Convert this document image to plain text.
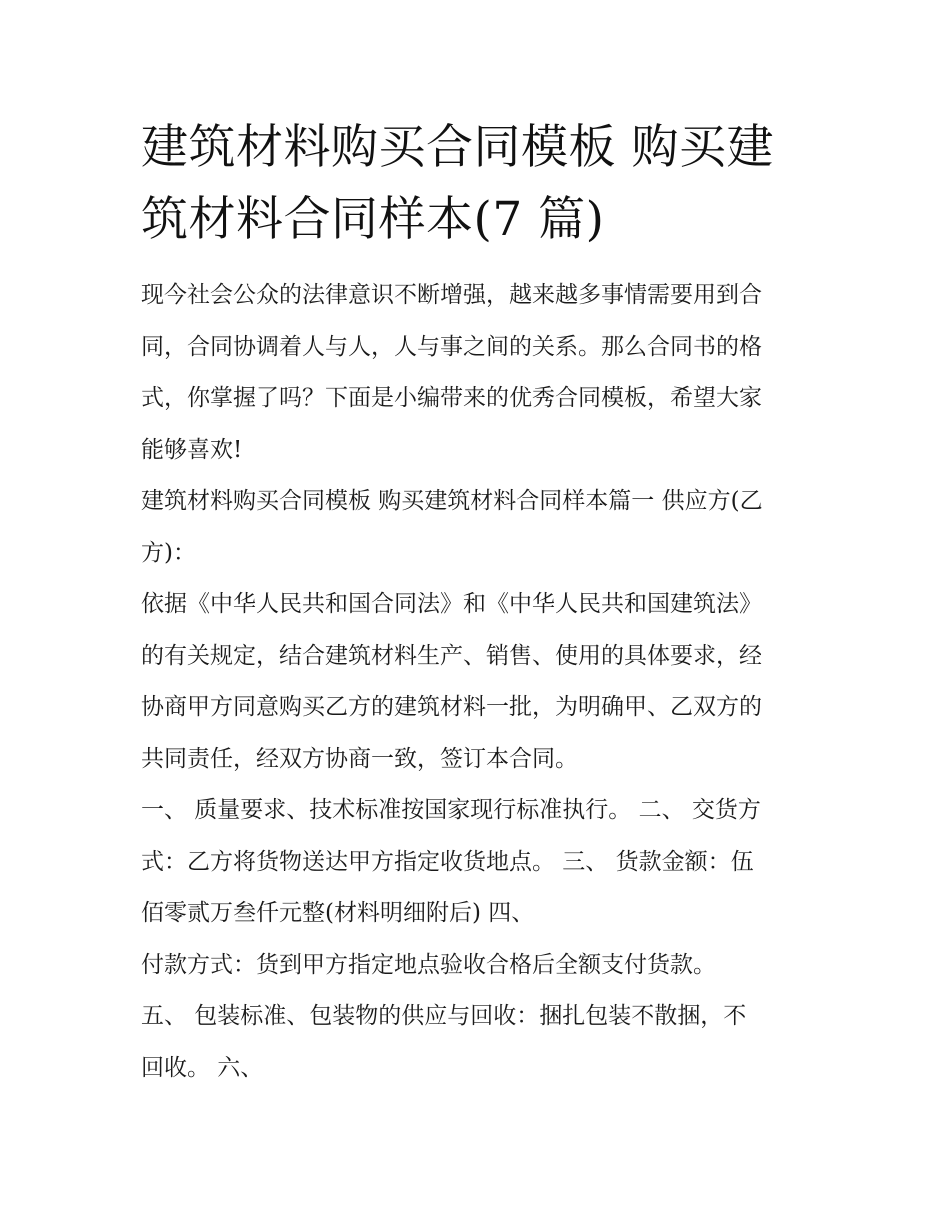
建筑材料购买合同模板 购买建
筑材料合同样本(7 篇)

现今社会公众的法律意识不断增强，越来越多事情需要用到合
同，合同协调着人与人，人与事之间的关系。那么合同书的格
式，你掌握了吗？下面是小编带来的优秀合同模板，希望大家
能够喜欢!

建筑材料购买合同模板 购买建筑材料合同样本篇一 供应方(乙
方)：

依据《中华人民共和国合同法》和《中华人民共和国建筑法》
的有关规定，结合建筑材料生产、销售、使用的具体要求，经
协商甲方同意购买乙方的建筑材料一批，为明确甲、乙双方的
共同责任，经双方协商一致，签订本合同。

一、 质量要求、技术标准按国家现行标准执行。 二、 交货方
式：乙方将货物送达甲方指定收货地点。 三、 货款金额：伍
佰零贰万叁仟元整(材料明细附后) 四、

付款方式：货到甲方指定地点验收合格后全额支付货款。

五、 包装标准、包装物的供应与回收：捆扎包装不散捆，不
回收。 六、
